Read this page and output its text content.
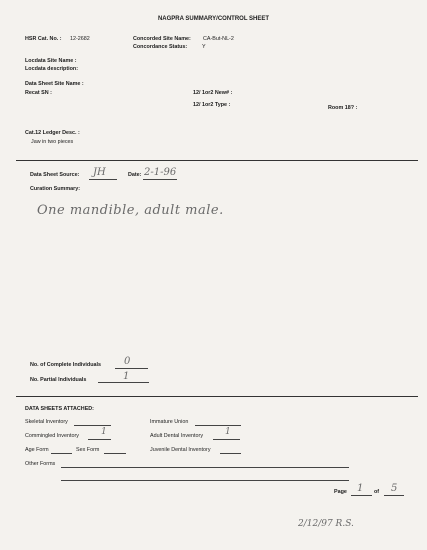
NAGPRA SUMMARY/CONTROL SHEET
HSR Cat. No. : 12-2682	Concorded Site Name: CA-But-NL-2
Concordance Status:	Y
Locdata Site Name :
Locdata description:
Data Sheet Site Name :
Recat SN :	12/ 1or2 New# :
12/ 1or2 Type :	Room 18? :
Cat.12 Ledger Desc. :
Jaw in two pieces
Data Sheet Source: JH	Date: 2-1-96
Curation Summary:
One mandible, adult male.
No. of Complete Individuals 0
No. Partial Individuals	1
DATA SHEETS ATTACHED:
Skeletal Inventory	Immature Union
Commingled Inventory 1	Adult Dental Inventory 1
Age Form	Sex Form	Juvenile Dental Inventory
Other Forms
Page 1 of 5
2/12/97 R.S.
